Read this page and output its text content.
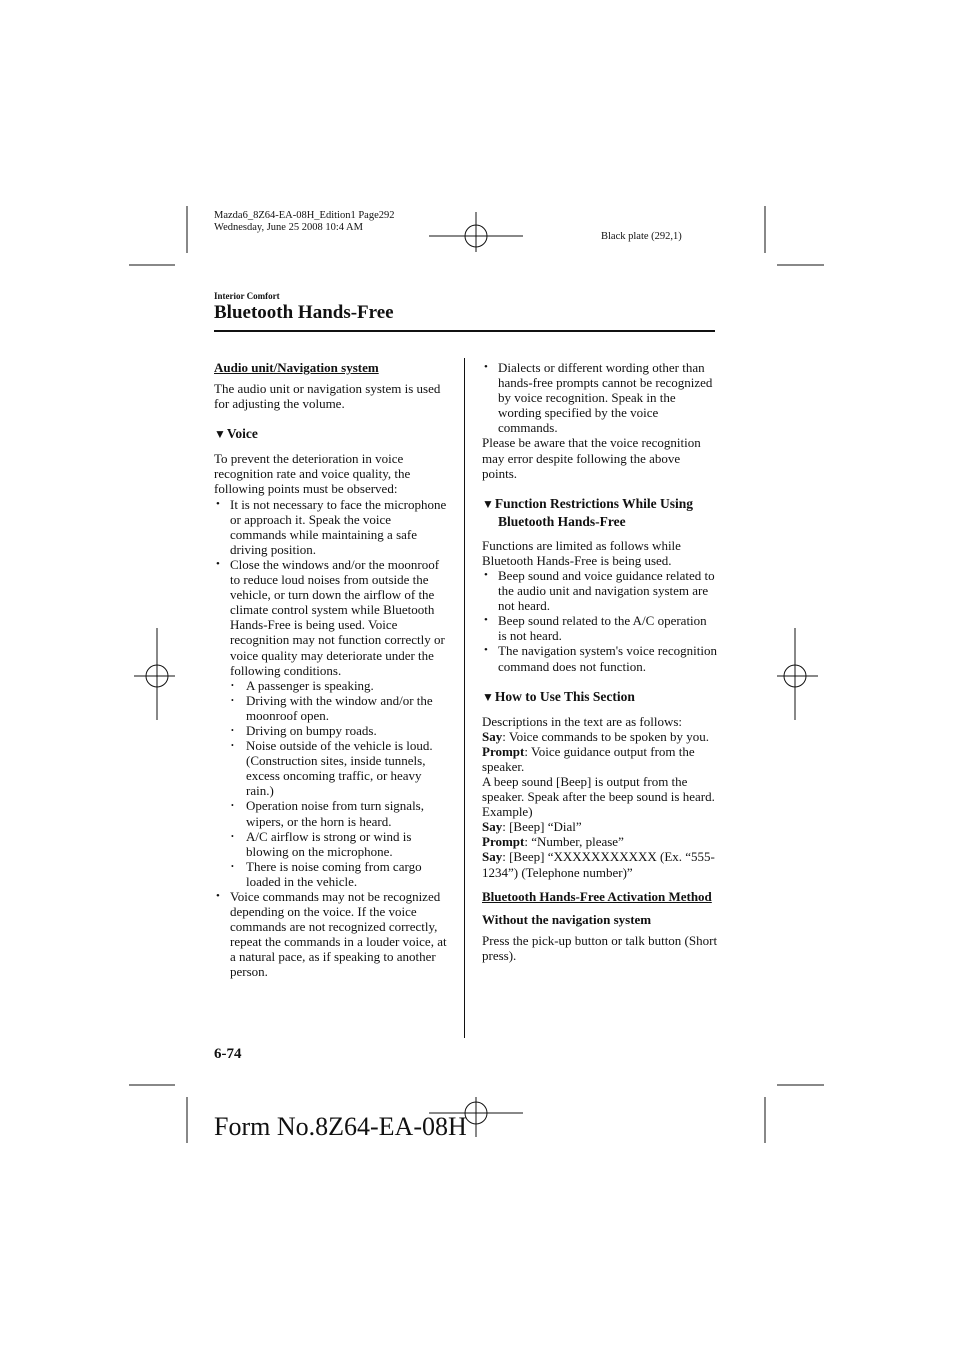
Mazda6_8Z64-EA-08H_Edition1 Page292
Wednesday, June 25 2008 10:4 AM
Black plate (292,1)
Interior Comfort
Bluetooth Hands-Free

Audio unit/Navigation system

The audio unit or navigation system is used for adjusting the volume.

▼Voice

To prevent the deterioration in voice recognition rate and voice quality, the following points must be observed:

• It is not necessary to face the microphone or approach it. Speak the voice commands while maintaining a safe driving position.
• Close the windows and/or the moonroof to reduce loud noises from outside the vehicle, or turn down the airflow of the climate control system while Bluetooth Hands-Free is being used. Voice recognition may not function correctly or voice quality may deteriorate under the following conditions.
• A passenger is speaking.
• Driving with the window and/or the moonroof open.
• Driving on bumpy roads.
• Noise outside of the vehicle is loud. (Construction sites, inside tunnels, excess oncoming traffic, or heavy rain.)
• Operation noise from turn signals, wipers, or the horn is heard.
• A/C airflow is strong or wind is blowing on the microphone.
• There is noise coming from cargo loaded in the vehicle.
• Voice commands may not be recognized depending on the voice. If the voice commands are not recognized correctly, repeat the commands in a louder voice, at a natural pace, as if speaking to another person.
• Dialects or different wording other than hands-free prompts cannot be recognized by voice recognition. Speak in the wording specified by the voice commands.

Please be aware that the voice recognition may error despite following the above points.

▼Function Restrictions While Using Bluetooth Hands-Free

Functions are limited as follows while Bluetooth Hands-Free is being used.

• Beep sound and voice guidance related to the audio unit and navigation system are not heard.
• Beep sound related to the A/C operation is not heard.
• The navigation system's voice recognition command does not function.

▼How to Use This Section

Descriptions in the text are as follows:

Say: Voice commands to be spoken by you.

Prompt: Voice guidance output from the speaker.

A beep sound [Beep] is output from the speaker. Speak after the beep sound is heard.

Example)

Say: [Beep] “Dial”

Prompt: “Number, please”

Say: [Beep] “XXXXXXXXXXX (Ex. “555-1234”) (Telephone number)”

Bluetooth Hands-Free Activation Method

Without the navigation system

Press the pick-up button or talk button (Short press).

6-74
Form No.8Z64-EA-08H
